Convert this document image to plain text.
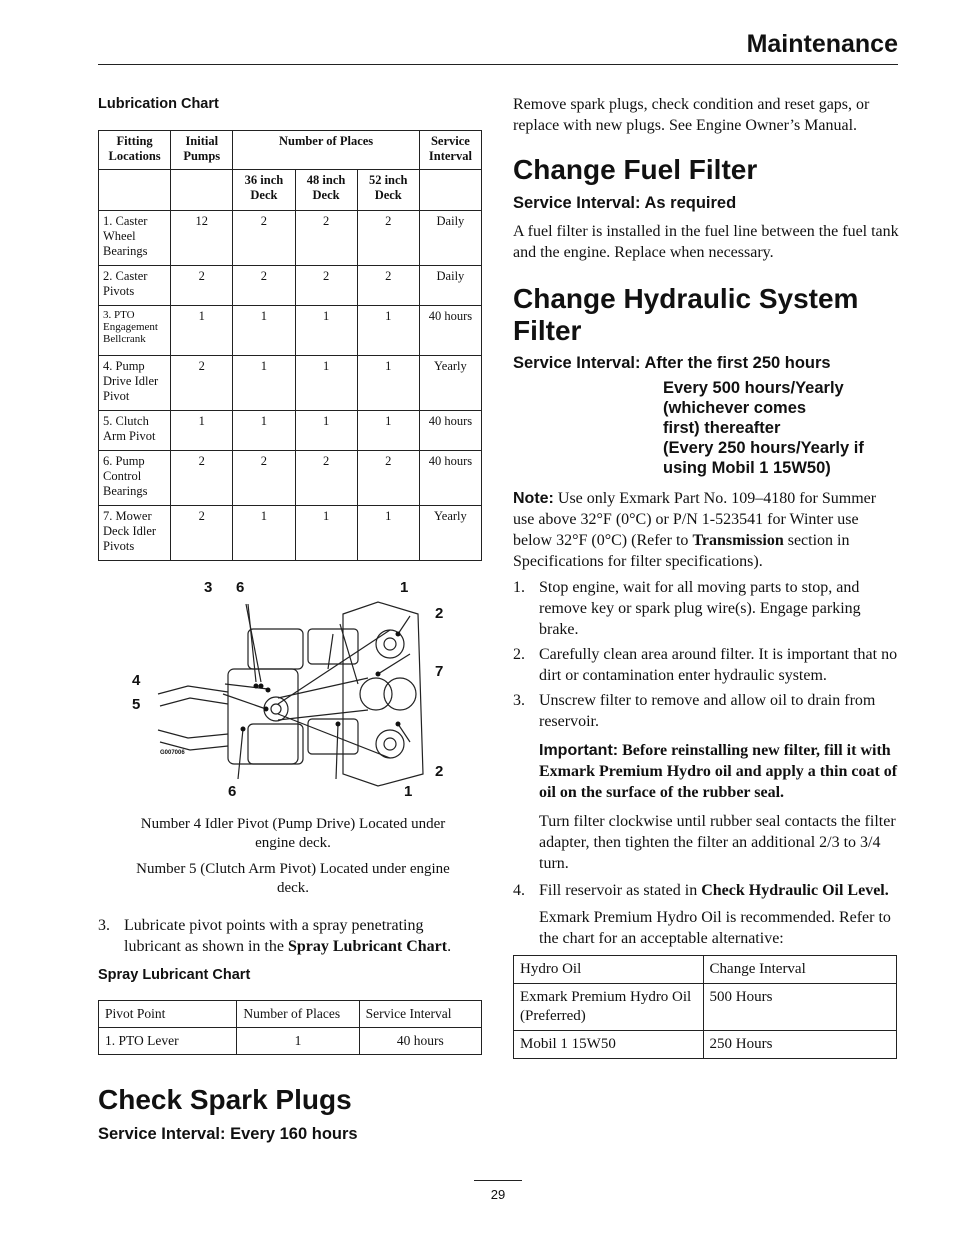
Maintenance
Lubrication Chart
Fitting Locations	Initial Pumps	Number of Places			Service Interval
		36 inch Deck	48 inch Deck	52 inch Deck	
1. Caster Wheel Bearings	12	2	2	2	Daily
2. Caster Pivots	2	2	2	2	Daily
3. PTO Engagement Bellcrank	1	1	1	1	40 hours
4. Pump Drive Idler Pivot	2	1	1	1	Yearly
5. Clutch Arm Pivot	1	1	1	1	40 hours
6. Pump Control Bearings	2	2	2	2	40 hours
7. Mower Deck Idler Pivots	2	1	1	1	Yearly
3 6	1
2
7
4
5
2
6	1
G007006
Number 4 Idler Pivot (Pump Drive) Located under engine deck.
Number 5 (Clutch Arm Pivot) Located under engine deck.
3. Lubricate pivot points with a spray penetrating lubricant as shown in the Spray Lubricant Chart.
Spray Lubricant Chart
Pivot Point	Number of Places	Service Interval
1. PTO Lever	1	40 hours
Check Spark Plugs
Service Interval: Every 160 hours

Remove spark plugs, check condition and reset gaps, or replace with new plugs. See Engine Owner’s Manual.

Change Fuel Filter
Service Interval: As required

A fuel filter is installed in the fuel line between the fuel tank and the engine. Replace when necessary.

Change Hydraulic System Filter
Service Interval: After the first 250 hours
Every 500 hours/Yearly
(whichever comes
first) thereafter
(Every 250 hours/Yearly if
using Mobil 1 15W50)

Note: Use only Exmark Part No. 109–4180 for Summer use above 32°F (0°C) or P/N 1-523541 for Winter use below 32°F (0°C) (Refer to Transmission section in Specifications for filter specifications).

1. Stop engine, wait for all moving parts to stop, and remove key or spark plug wire(s). Engage parking brake.
2. Carefully clean area around filter. It is important that no dirt or contamination enter hydraulic system.
3. Unscrew filter to remove and allow oil to drain from reservoir.

Important: Before reinstalling new filter, fill it with Exmark Premium Hydro oil and apply a thin coat of oil on the surface of the rubber seal.

Turn filter clockwise until rubber seal contacts the filter adapter, then tighten the filter an additional 2/3 to 3/4 turn.

4. Fill reservoir as stated in Check Hydraulic Oil Level.

Exmark Premium Hydro Oil is recommended. Refer to the chart for an acceptable alternative:

Hydro Oil	Change Interval
Exmark Premium Hydro Oil (Preferred)	500 Hours
Mobil 1 15W50	250 Hours
29
